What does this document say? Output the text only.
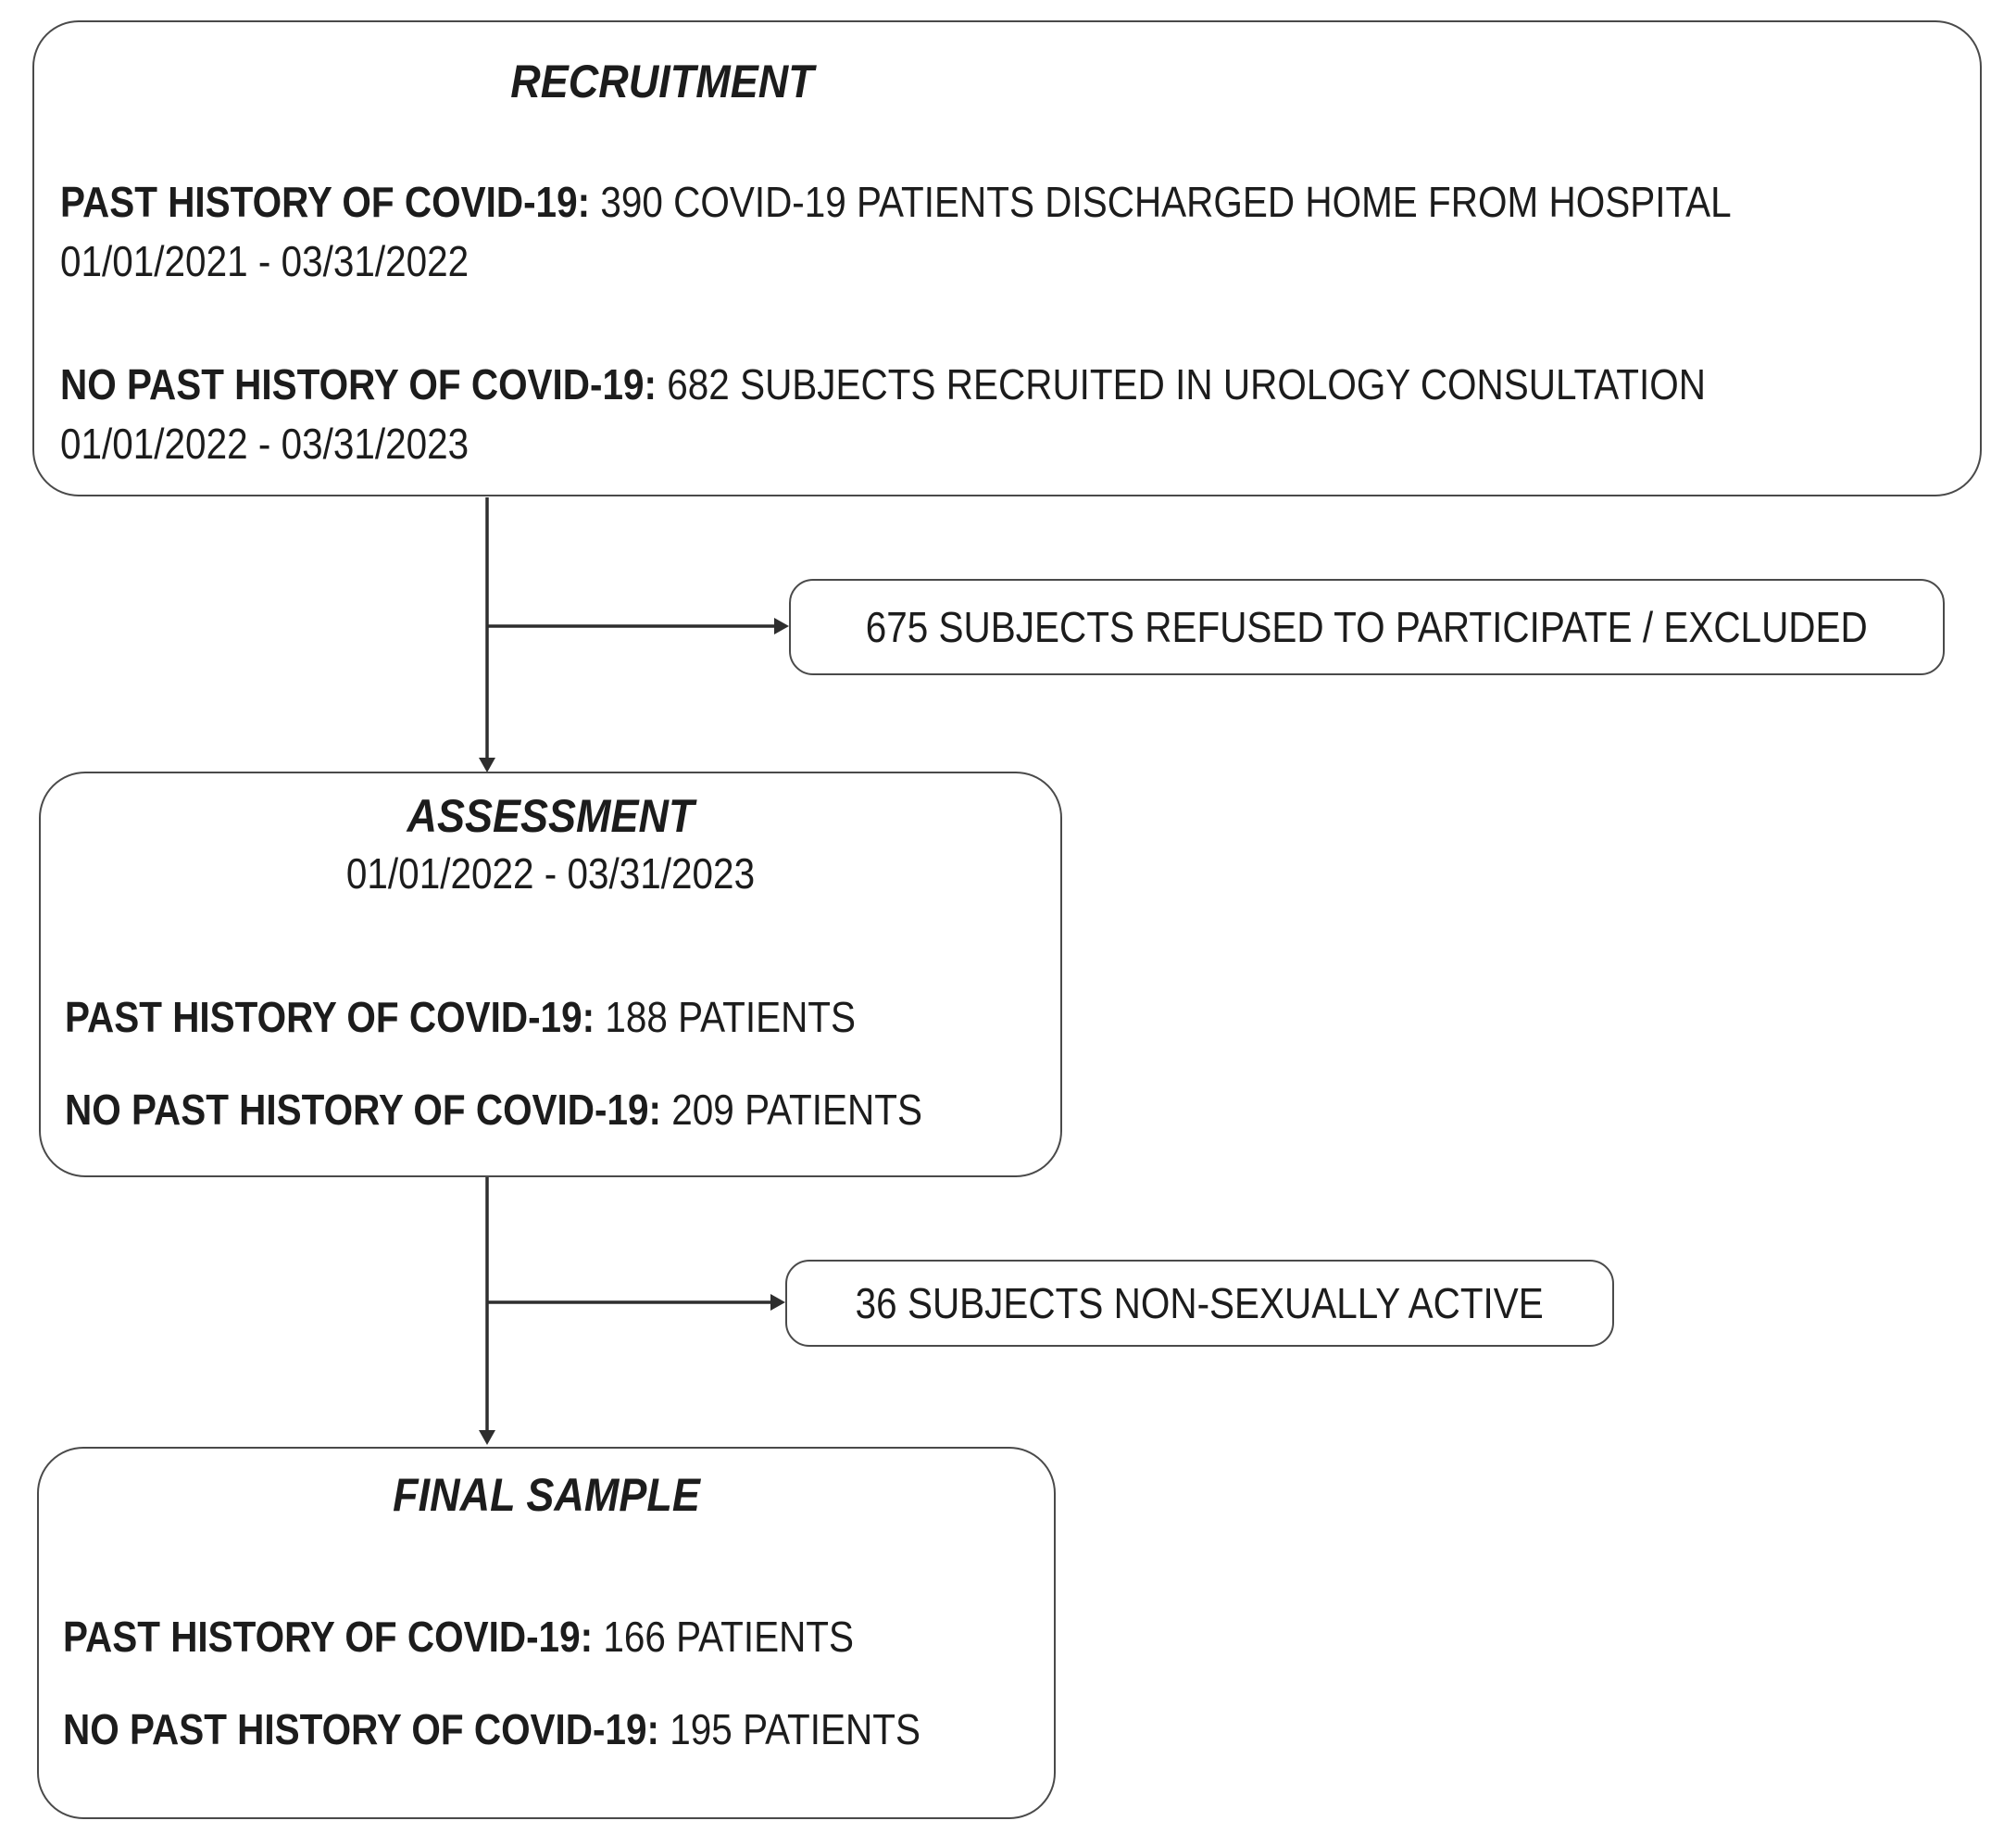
RECRUITMENT
PAST HISTORY OF COVID-19: 390 COVID-19 PATIENTS DISCHARGED HOME FROM HOSPITAL
01/01/2021 - 03/31/2022
NO PAST HISTORY OF COVID-19: 682 SUBJECTS RECRUITED IN UROLOGY CONSULTATION
01/01/2022 - 03/31/2023
675 SUBJECTS REFUSED TO PARTICIPATE / EXCLUDED
ASSESSMENT
01/01/2022 - 03/31/2023
PAST HISTORY OF COVID-19: 188 PATIENTS
NO PAST HISTORY OF COVID-19: 209 PATIENTS
36 SUBJECTS NON-SEXUALLY ACTIVE
FINAL SAMPLE
PAST HISTORY OF COVID-19: 166 PATIENTS
NO PAST HISTORY OF COVID-19: 195 PATIENTS
